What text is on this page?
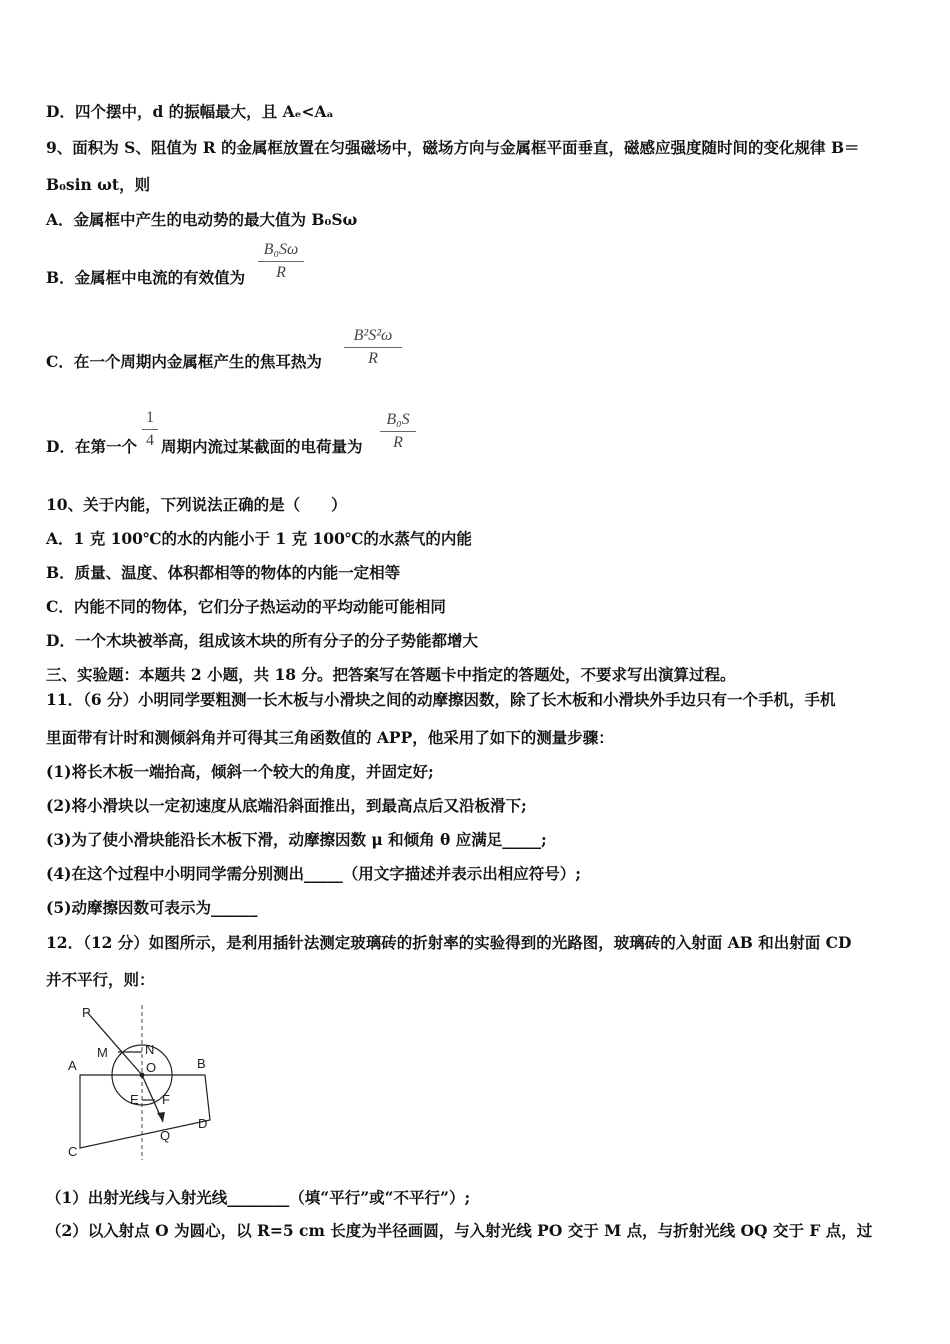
D．四个摆中，d 的振幅最大，且 Aₑ<Aₐ
9、面积为 S、阻值为 R 的金属框放置在匀强磁场中，磁场方向与金属框平面垂直，磁感应强度随时间的变化规律 B＝
B₀sin ωt，则
A．金属框中产生的电动势的最大值为 B₀Sω
B．金属框中电流的有效值为
B₀Sω
R
C．在一个周期内金属框产生的焦耳热为
B²S²ω
R
D．在第一个
1
4 周期内流过某截面的电荷量为
B₀S
R
10、关于内能，下列说法正确的是（　　）
A．1 克 100℃的水的内能小于 1 克 100℃的水蒸气的内能
B．质量、温度、体积都相等的物体的内能一定相等
C．内能不同的物体，它们分子热运动的平均动能可能相同
D．一个木块被举高，组成该木块的所有分子的分子势能都增大
三、实验题：本题共 2 小题，共 18 分。把答案写在答题卡中指定的答题处，不要求写出演算过程。
11．（6 分）小明同学要粗测一长木板与小滑块之间的动摩擦因数，除了长木板和小滑块外手边只有一个手机，手机
里面带有计时和测倾斜角并可得其三角函数值的 APP，他采用了如下的测量步骤：
(1)将长木板一端抬高，倾斜一个较大的角度，并固定好;
(2)将小滑块以一定初速度从底端沿斜面推出，到最高点后又沿板滑下;
(3)为了使小滑块能沿长木板下滑，动摩擦因数 μ 和倾角 θ 应满足_____;
(4)在这个过程中小明同学需分别测出_____（用文字描述并表示出相应符号）;
(5)动摩擦因数可表示为______
12．（12 分）如图所示，是利用插针法测定玻璃砖的折射率的实验得到的光路图，玻璃砖的入射面 AB 和出射面 CD
并不平行，则：
P
M	N
O
A	B
E F
Q
C
D
（1）出射光线与入射光线________（填“平行”或“不平行”）;
（2）以入射点 O 为圆心，以 R=5 cm 长度为半径画圆，与入射光线 PO 交于 M 点，与折射光线 OQ 交于 F 点，过
